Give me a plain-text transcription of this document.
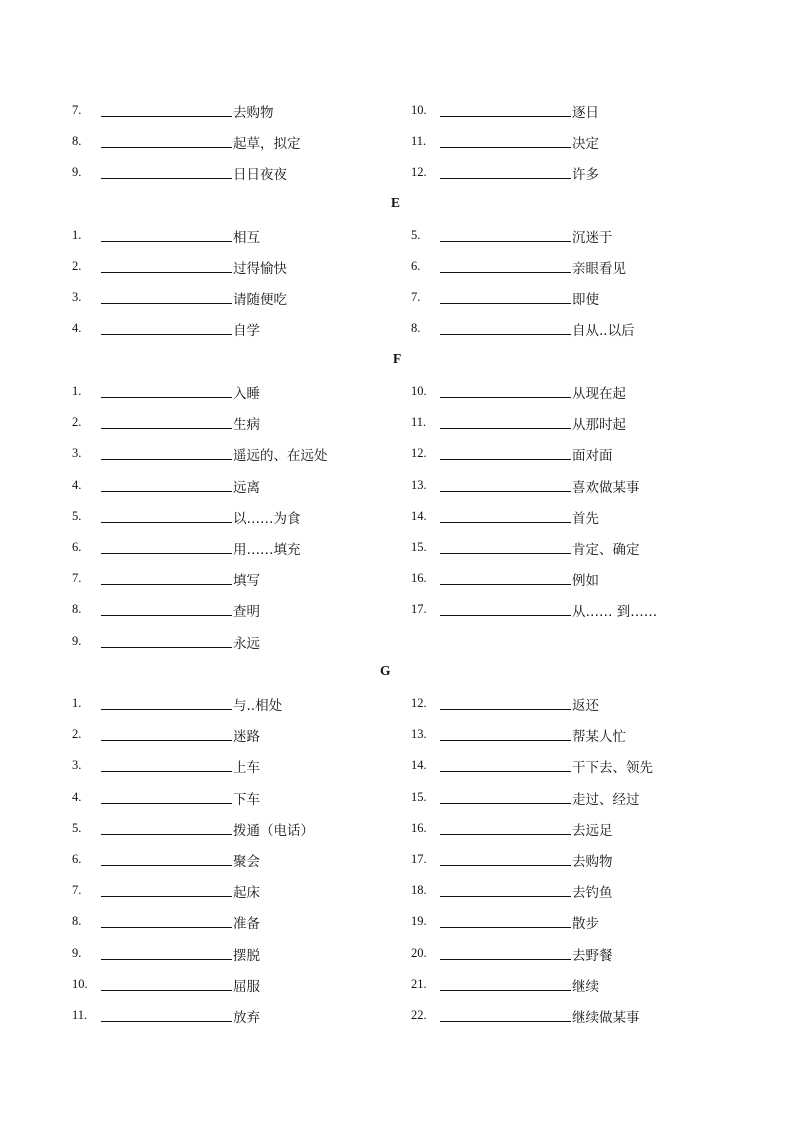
7.	去购物	10.	逐日
8.	起草，拟定	11.	决定
9.	日日夜夜	12.	许多
E
1.	相互	5.	沉迷于
2.	过得愉快	6.	亲眼看见
3.	请随便吃	7.	即使
4.	自学	8.	自从..以后
F
1.	入睡	10.	从现在起
2.	生病	11.	从那时起
3.	遥远的、在远处	12.	面对面
4.	远离	13.	喜欢做某事
5.	以……为食	14.	首先
6.	用……填充	15.	肯定、确定
7.	填写	16.	例如
8.	查明	17.	从…… 到……
9.	永远
G
1.	与..相处	12.	返还
2.	迷路	13.	帮某人忙
3.	上车	14.	干下去、领先
4.	下车	15.	走过、经过
5.	拨通（电话）	16.	去远足
6.	聚会	17.	去购物
7.	起床	18.	去钓鱼
8.	准备	19.	散步
9.	摆脱	20.	去野餐
10.	屈服	21.	继续
11.	放弃	22.	继续做某事
